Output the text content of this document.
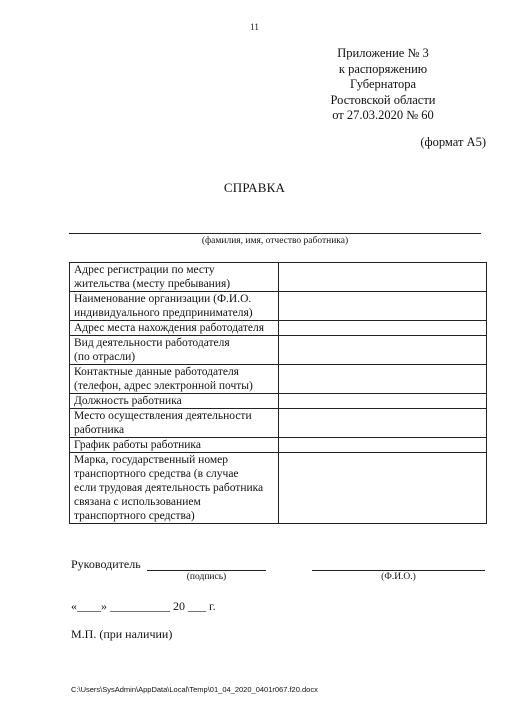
11
Приложение № 3
к распоряжению
Губернатора
Ростовской области
от 27.03.2020 № 60
(формат А5)
СПРАВКА
(фамилия, имя, отчество работника)
Адрес регистрации по месту
жительства (месту пребывания)	

Наименование организации (Ф.И.О.
индивидуального предпринимателя)	

Адрес места нахождения работодателя	

Вид деятельности работодателя
(по отрасли)	

Контактные данные работодателя
(телефон, адрес электронной почты)	

Должность работника	

Место осуществления деятельности
работника	

График работы работника	

Марка, государственный номер
транспортного средства (в случае
если трудовая деятельность работника
связана с использованием
транспортного средства)	

Руководитель
(подпись)	(Ф.И.О.)
«____» __________ 20 ___ г.
М.П. (при наличии)
C:\Users\SysAdmin\AppData\Local\Temp\01_04_2020_0401r067.f20.docx
